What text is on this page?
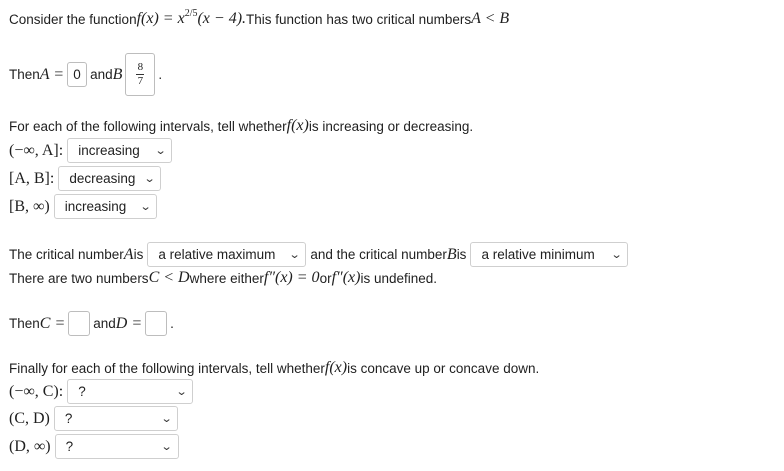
Consider the function $f(x) = x^{2/5}(x - 4)$. This function has two critical numbers A < B
Then A = 0 and B $\frac{8}{7}$ .
For each of the following intervals, tell whether f(x) is increasing or decreasing.
(−∞, A]: increasing ⌄
[A, B]: decreasing ⌄
[B, ∞) increasing ⌄
The critical number A is a relative maximum ⌄ and the critical number B is a relative minimum ⌄
There are two numbers C < D where either f″(x) = 0 or f″(x) is undefined.
Then C = and D = .
Finally for each of the following intervals, tell whether f(x) is concave up or concave down.
(−∞, C): ?	⌄
(C, D) ?	⌄
(D, ∞) ?	⌄
